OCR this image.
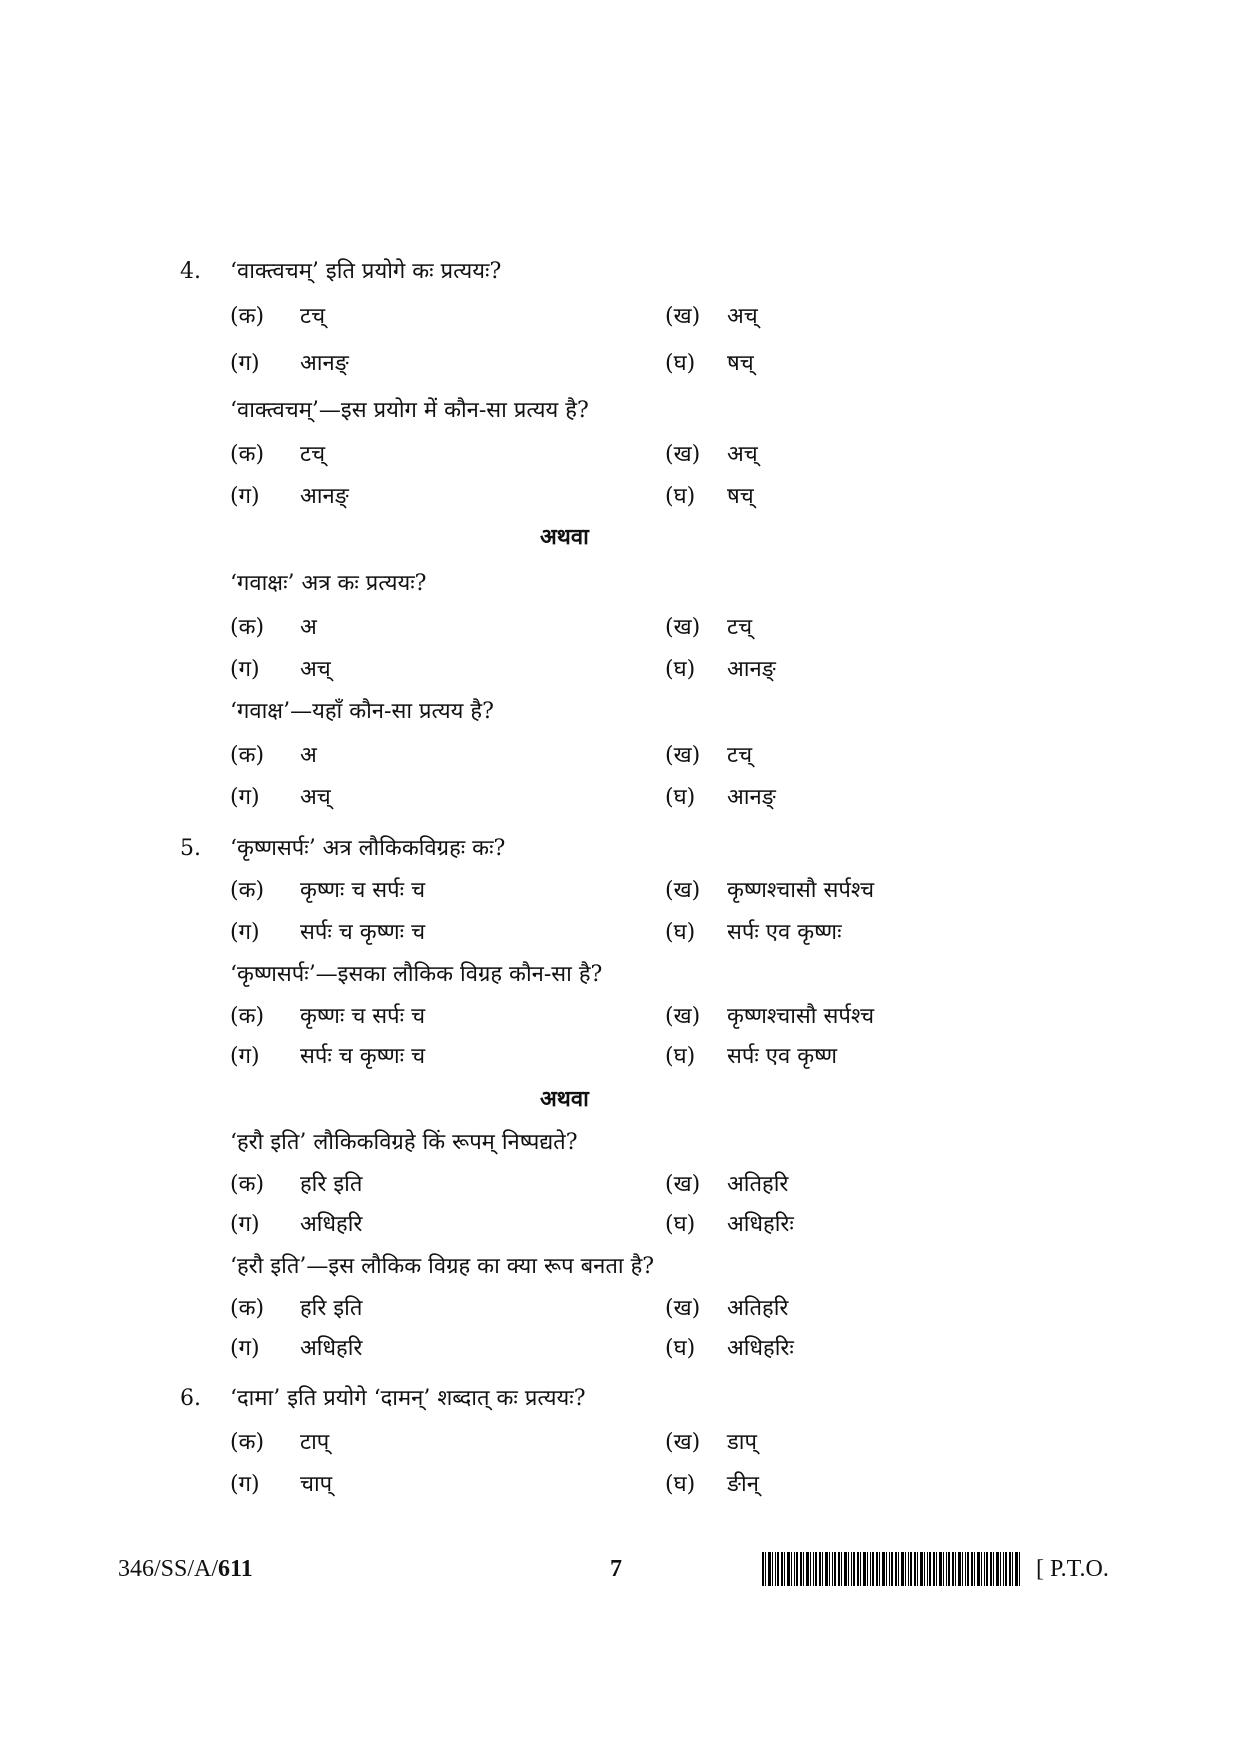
4. ‘वाक्त्वचम्’ इति प्रयोगे कः प्रत्ययः?
(क) टच्	(ख) अच्
(ग) आनङ्	(घ) षच्
‘वाक्त्वचम्’—इस प्रयोग में कौन-सा प्रत्यय है?
(क) टच्	(ख) अच्
(ग) आनङ्	(घ) षच्
अथवा
‘गवाक्षः’ अत्र कः प्रत्ययः?
(क) अ	(ख) टच्
(ग) अच्	(घ) आनङ्
‘गवाक्ष’—यहाँ कौन-सा प्रत्यय है?
(क) अ	(ख) टच्
(ग) अच्	(घ) आनङ्
5. ‘कृष्णसर्पः’ अत्र लौकिकविग्रहः कः?
(क) कृष्णः च सर्पः च	(ख) कृष्णश्चासौ सर्पश्च
(ग) सर्पः च कृष्णः च	(घ) सर्पः एव कृष्णः
‘कृष्णसर्पः’—इसका लौकिक विग्रह कौन-सा है?
(क) कृष्णः च सर्पः च	(ख) कृष्णश्चासौ सर्पश्च
(ग) सर्पः च कृष्णः च	(घ) सर्पः एव कृष्ण
अथवा
‘हरौ इति’ लौकिकविग्रहे किं रूपम् निष्पद्यते?
(क) हरि इति	(ख) अतिहरि
(ग) अधिहरि	(घ) अधिहरिः
‘हरौ इति’—इस लौकिक विग्रह का क्या रूप बनता है?
(क) हरि इति	(ख) अतिहरि
(ग) अधिहरि	(घ) अधिहरिः
6. ‘दामा’ इति प्रयोगे ‘दामन्’ शब्दात् कः प्रत्ययः?
(क) टाप्	(ख) डाप्
(ग) चाप्	(घ) ङीन्
346/SS/A/611	7	[ P.T.O.
